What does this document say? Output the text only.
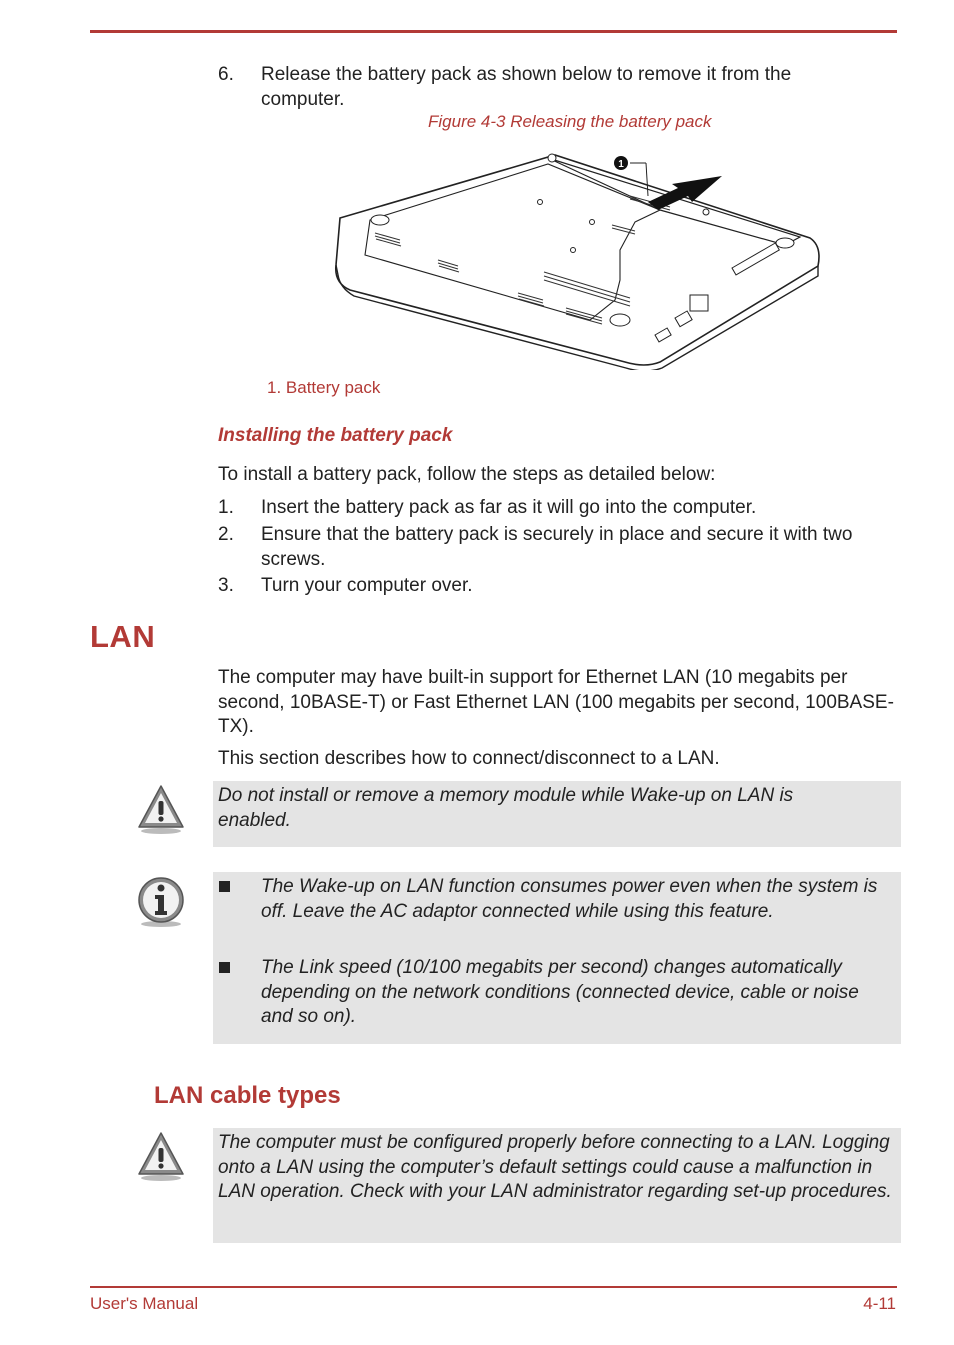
6. Release the battery pack as shown below to remove it from the computer.
Figure 4-3 Releasing the battery pack
1
1. Battery pack
Installing the battery pack
To install a battery pack, follow the steps as detailed below:
1. Insert the battery pack as far as it will go into the computer.
2. Ensure that the battery pack is securely in place and secure it with two screws.
3. Turn your computer over.
LAN
The computer may have built-in support for Ethernet LAN (10 megabits per second, 10BASE-T) or Fast Ethernet LAN (100 megabits per second, 100BASE-TX).
This section describes how to connect/disconnect to a LAN.
Do not install or remove a memory module while Wake-up on LAN is enabled.
The Wake-up on LAN function consumes power even when the system is off. Leave the AC adaptor connected while using this feature.
The Link speed (10/100 megabits per second) changes automatically depending on the network conditions (connected device, cable or noise and so on).
LAN cable types
The computer must be configured properly before connecting to a LAN. Logging onto a LAN using the computer’s default settings could cause a malfunction in LAN operation. Check with your LAN administrator regarding set-up procedures.
User's Manual	4-11
